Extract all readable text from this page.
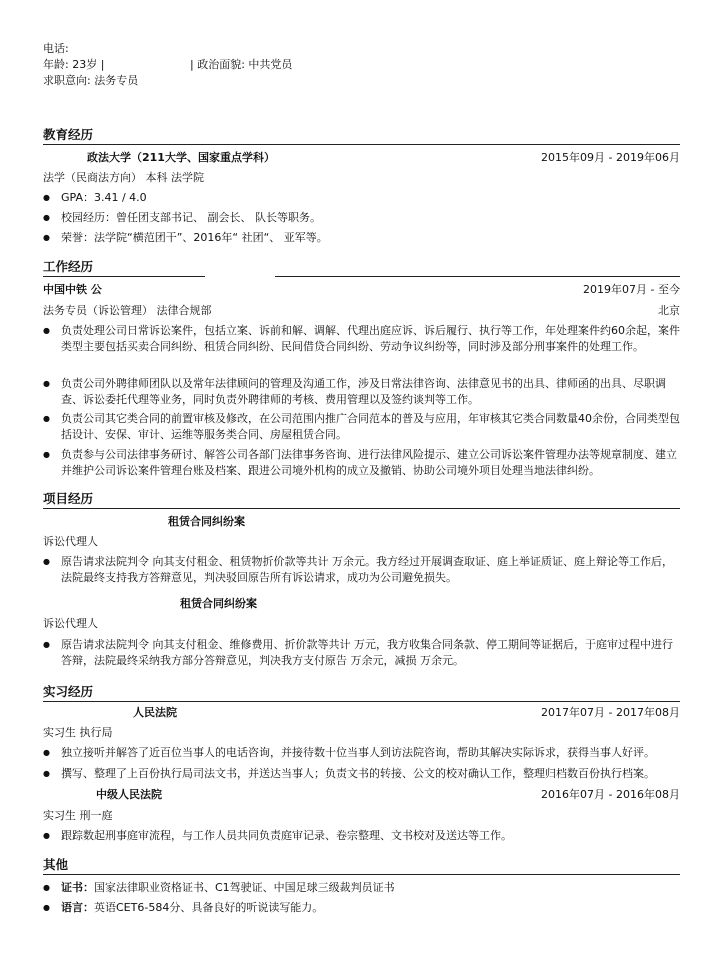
电话:
年龄: 23岁 |	| 政治面貌: 中共党员
求职意向: 法务专员
教育经历
政法大学（211大学、国家重点学科）	2015年09月 - 2019年06月
法学（民商法方向） 本科 法学院
● GPA：3.41 / 4.0
● 校园经历：曾任团支部书记、 副会长、 队长等职务。
● 荣誉：法学院“横范团干”、2016年“ 社团“、 亚军等。
工作经历
中国中铁 公	2019年07月 - 至今
法务专员（诉讼管理） 法律合规部	北京
● 负责处理公司日常诉讼案件，包括立案、诉前和解、调解、代理出庭应诉、诉后履行、执行等工作，年处理案件约60余起，案件类型主要包括买卖合同纠纷、租赁合同纠纷、民间借贷合同纠纷、劳动争议纠纷等，同时涉及部分刑事案件的处理工作。
● 负责公司外聘律师团队以及常年法律顾问的管理及沟通工作，涉及日常法律咨询、法律意见书的出具、律师函的出具、尽职调查、诉讼委托代理等业务，同时负责外聘律师的考核、费用管理以及签约谈判等工作。
● 负责公司其它类合同的前置审核及修改，在公司范围内推广合同范本的普及与应用，年审核其它类合同数量40余份，合同类型包括设计、安保、审计、运维等服务类合同、房屋租赁合同。
● 负责参与公司法律事务研讨、解答公司各部门法律事务咨询、进行法律风险提示、建立公司诉讼案件管理办法等规章制度、建立并维护公司诉讼案件管理台账及档案、跟进公司境外机构的成立及撤销、协助公司境外项目处理当地法律纠纷。
项目经历
租赁合同纠纷案
诉讼代理人
● 原告请求法院判令 向其支付租金、租赁物折价款等共计 万余元。我方经过开展调查取证、庭上举证质证、庭上辩论等工作后，法院最终支持我方答辩意见，判决驳回原告所有诉讼请求，成功为公司避免损失。
租赁合同纠纷案
诉讼代理人
● 原告请求法院判令 向其支付租金、维修费用、折价款等共计 万元，我方收集合同条款、停工期间等证据后，于庭审过程中进行答辩，法院最终采纳我方部分答辩意见，判决我方支付原告 万余元，减损 万余元。
实习经历
人民法院	2017年07月 - 2017年08月
实习生 执行局
● 独立接听并解答了近百位当事人的电话咨询，并接待数十位当事人到访法院咨询，帮助其解决实际诉求，获得当事人好评。
● 撰写、整理了上百份执行局司法文书，并送达当事人；负责文书的转接、公文的校对确认工作，整理归档数百份执行档案。
中级人民法院	2016年07月 - 2016年08月
实习生 刑一庭
● 跟踪数起刑事庭审流程，与工作人员共同负责庭审记录、卷宗整理、文书校对及送达等工作。
其他
● 证书：国家法律职业资格证书、C1驾驶证、中国足球三级裁判员证书
● 语言：英语CET6-584分、具备良好的听说读写能力。
